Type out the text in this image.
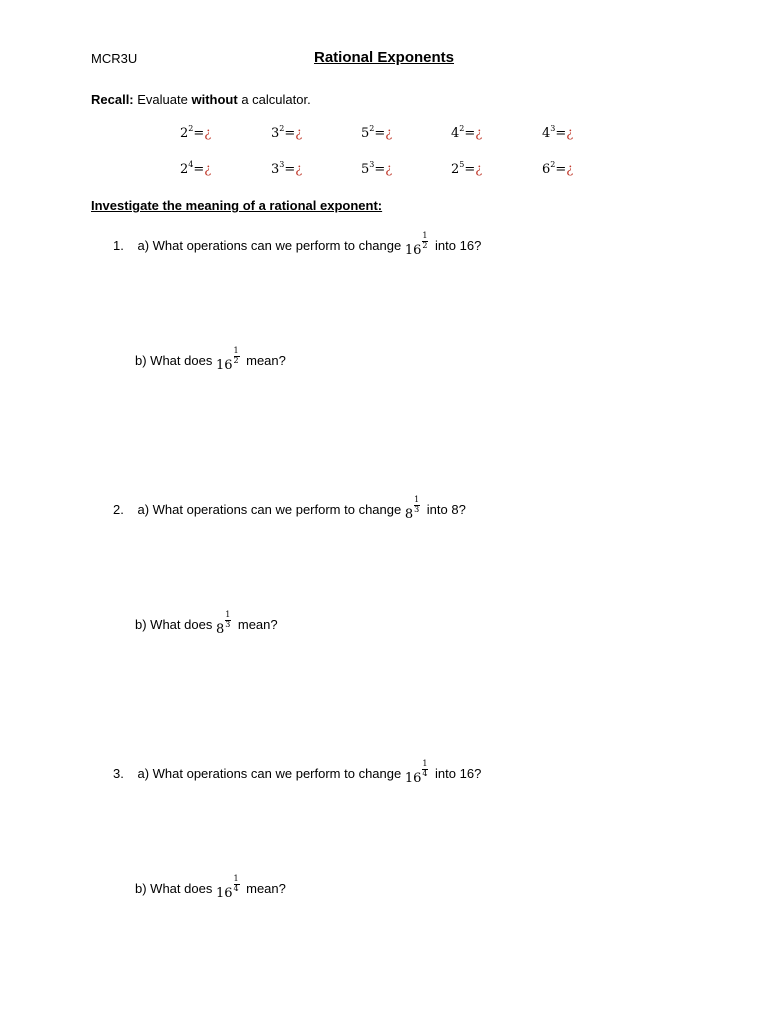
MCR3U	Rational Exponents
Recall: Evaluate without a calculator.
$2^2=¿$	$3^2=¿$	$5^2=¿$	$4^2=¿$	$4^3=¿$
$2^4=¿$	$3^3=¿$	$5^3=¿$	$2^5=¿$	$6^2=¿$
Investigate the meaning of a rational exponent:
1. a) What operations can we perform to change $16 \frac{1}{2}$ into 16?
b) What does $16 \frac{1}{2}$ mean?
2. a) What operations can we perform to change $8 \frac{1}{3}$ into 8?
b) What does $8 \frac{1}{3}$ mean?
3. a) What operations can we perform to change $16 \frac{1}{4}$ into 16?
b) What does $16 \frac{1}{4}$ mean?
